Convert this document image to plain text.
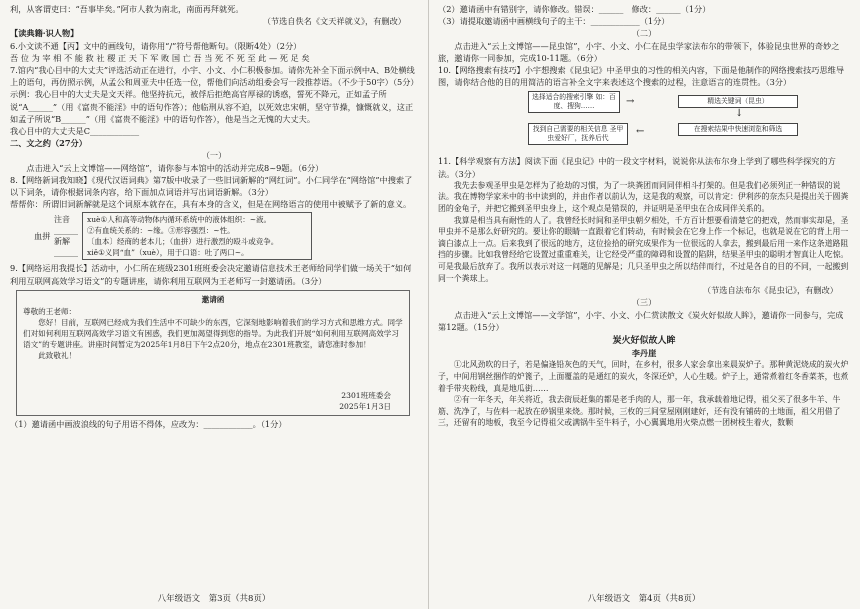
利，从客谓吏曰：“吾事毕矣。”阿市人救为南北，南面再拜就死。

（节选自佚名《文天祥就义》，有删改）

【读典籍·识人物】

6.小文读不通【丙】文中的画线句，请你用“/”符号帮他断句。（限断4处）（2分）

吾 位 为 宰 相 不 能 救 社 稷 正 天 下 军 败 国 亡 吾 当 死 不 死 至 此 — 死 足 矣

7.馆内“我心目中的大丈夫”评选活动正在进行，小宇、小文、小仁积极参加。请你先补全下面示例中A、B处横线上的语句，再仿照示例，从孟公和周亚夫中任选一位，帮他们向活动组委会写一段推荐语。（不少于50字）（5分）

示例：我心目中的大丈夫是文天祥。他坚持抗元，被俘后拒绝高官厚禄的诱惑，誓死不降元，正如孟子所说“A______”（用《富贵不能淫》中的语句作答）；他临刑从容不迫，以死效忠宋朝，坚守节操，慷慨就义，这正如孟子所说“B______”（用《富贵不能淫》中的语句作答），他是当之无愧的大丈夫。

我心目中的大丈夫是C____________

二、文之约（27分）

（一）

点击进入“云上文博馆——网络馆”，请你参与本馆中的活动并完成8~9题。（6分）

8.【网络新词我知晓】《现代汉语词典》第7版中收录了一些旧词新解的“网红词”。小仁同学在“网络馆”中搜索了以下词条，请你根据词条内容，给下面加点词语并写出词语新解。（3分）

帮帮你：所谓旧词新解就是这个词原本就存在，具有本身的含义，但是在网络语言的使用中被赋予了新的意义。

血拼
注音______
新解______
xuè①人和高等动物体内循环系统中的液体组织：~液。
②有血统关系的：~缘。③形容强烈：~性。
〔血本〕经商的老本儿；（血拼）进行激烈的殴斗或竞争。
xiě①义同“血”（xuè），用于口语：吐了两口~。

9.【网络运用我提长】活动中，小仁所在班级2301班班委会决定邀请信息技术王老师给同学们做一场关于“如何利用互联网高效学习语文”的专题讲座，请你利用互联网为王老师写一封邀请函。（3分）

邀请函
尊敬的王老师：
您好！目前，互联网已经成为我们生活中不可缺少的东西，它深刻地影响着我们的学习方式和思维方式。同学们对如何利用互联网高效学习语文有困惑，我们更加渴望得到您的指导。为此我们开展“如何利用互联网高效学习语文”的专题讲座。讲座时间暂定为2025年1月8日下午2点20分，地点在2301班教室，请您准时参加！
此致敬礼！
2301班班委会
2025年1月3日

（1）邀请函中画波浪线的句子用语不得体，应改为：____________。（1分）

八年级语文　第3页（共8页）

（2）邀请函中有错别字，请你修改。错误：______　修改：______（1分）

（3）请提取邀请函中画横线句子的主干：____________（1分）

（二）

点击进入“云上文博馆——昆虫馆”，小宇、小文、小仁在昆虫学家法布尔的带领下，体验昆虫世界的奇妙之旅，邀请你一同参加，完成10-11题。（6分）

10.【网络搜索有技巧】小宇想搜索《昆虫记》中圣甲虫的习性的相关内容，下面是他制作的网络搜索技巧思维导图，请你结合他的目的用简洁的语言补全文字来表述这个搜索的过程，注意语言的连贯性。（3分）

选择适合的搜索引擎 如：百度、搜狗……	→	精选关键词（昆虫）
↓
找到自己需要的相关信息 圣甲虫爱好厂，抚养后代
←	在搜索结果中快速浏览和筛选

11.【科学观察有方法】阅读下面《昆虫记》中的一段文字材料，说说你从法布尔身上学到了哪些科学探究的方法。（3分）

我先去参观圣甲虫是怎样为了抢劫的习惯，为了一块粪团而同同伴相斗打架的。但是我们必须列正一种错误的说法。我在博物学家米中的书中读到的，并由作者以前认为，这是我的观察，可以肯定：伊利莎的奈杰只是提出关于圆粪团的金龟子，并把它搬到圣甲虫身上，这个观点是错误的，并证明是圣甲虫在合成同伴关系的。

我算是相当具有耐性的人了。我曾经长时间和圣甲虫朝夕相处，千方百计想要看清楚它的把戏，然而事实却是，圣甲虫并不是那么好研究的。要让你的眼睛一直跟着它们转动，有时候会在它身上作一个标记，也就是说在它的背上用一滴白漆点上一点。后来我到了很远的地方，这位捡拾的研究成果作为一位很远的人拿去，搬到最后用一来作这条道路阻挡的步骤。比如我曾经给它设置过重重难关，让它经受严重的障碍和设置的陷阱，结果圣甲虫的聪明才智真让人吃惊。可是我最后放弃了。我所以表示对这一问题的见解是；几只圣甲虫之所以结伴而行，不过是各自的目的不同，一起搬到同一个粪球上。

（节选自法布尔《昆虫记》，有删改）

（三）

点击进入“云上文博馆——文学馆”，小宇、小文、小仁赏读散文《炭火好似故人眸》，邀请你一同参与，完成第12题。（15分）

炭火好似故人眸
李丹崖

①北风劲吹的日子，若是偏逢铅灰色的天气，回时，在乡村，很多人家会拿出来晨炭炉子。那种黄泥烧成的炭火炉子，中间用钢丝捆作的炉篦子，上面覆盖的是通红的炭火，冬深还炉，人心生暖。炉子上，通常煮着红冬香菜茶，也煮着手带夹粉线，真是地瓜街……

②有一年冬天，年关将近，我去街辰赶集的都是老手肉的人，那一年，我承载着地记得，祖父买了很多牛羊、牛筋、洗净了，与佐料一起放在砂锅里来烧。那时候，三枚的三间堂屋刚刚建好，还有没有铺砖的土地面，祖父用借了三，还留有的地板，我至今记得祖父或满锅牛至牛料子，小心翼翼地用火柴点燃一团树枝生着火，数颗

八年级语文　第4页（共8页）
